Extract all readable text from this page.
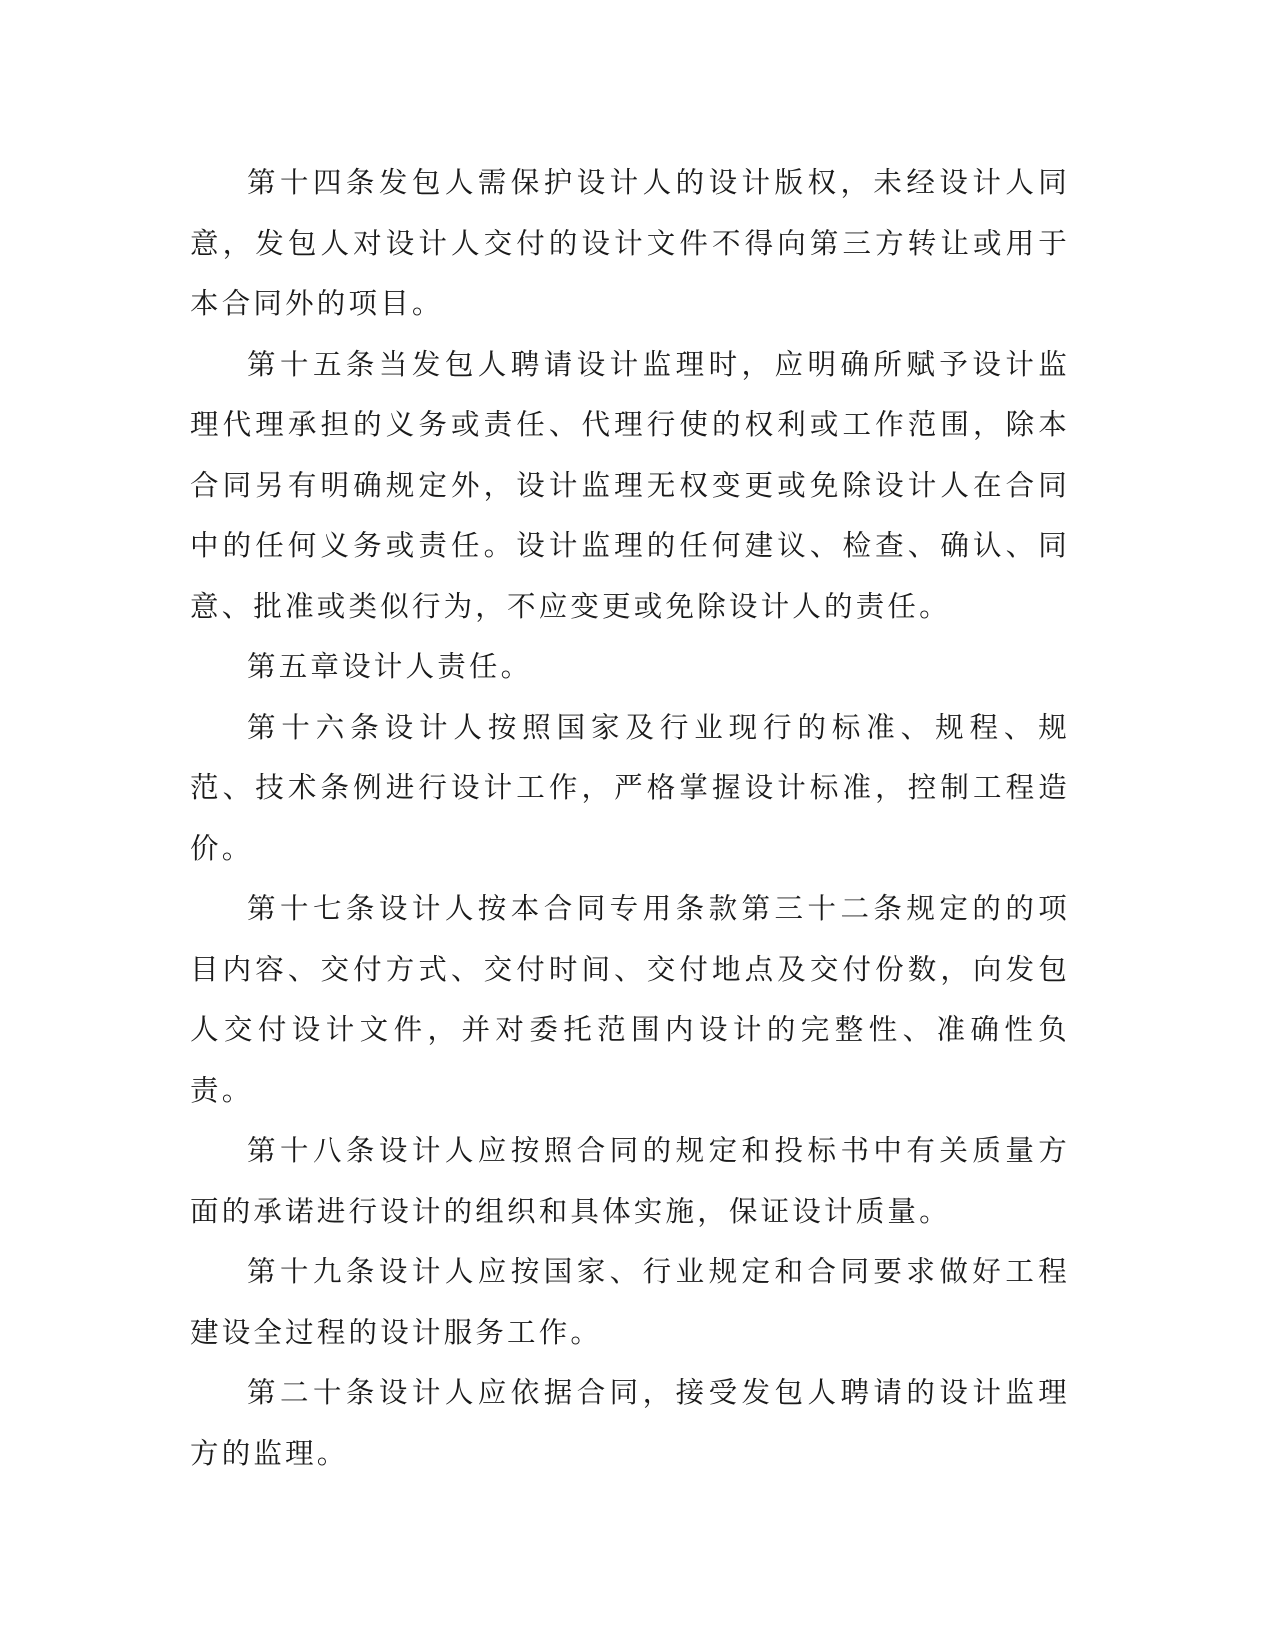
第十四条发包人需保护设计人的设计版权，未经设计人同意，发包人对设计人交付的设计文件不得向第三方转让或用于本合同外的项目。

第十五条当发包人聘请设计监理时，应明确所赋予设计监理代理承担的义务或责任、代理行使的权利或工作范围，除本合同另有明确规定外，设计监理无权变更或免除设计人在合同中的任何义务或责任。设计监理的任何建议、检查、确认、同意、批准或类似行为，不应变更或免除设计人的责任。

第五章设计人责任。

第十六条设计人按照国家及行业现行的标准、规程、规范、技术条例进行设计工作，严格掌握设计标准，控制工程造价。

第十七条设计人按本合同专用条款第三十二条规定的的项目内容、交付方式、交付时间、交付地点及交付份数，向发包人交付设计文件，并对委托范围内设计的完整性、准确性负责。

第十八条设计人应按照合同的规定和投标书中有关质量方面的承诺进行设计的组织和具体实施，保证设计质量。

第十九条设计人应按国家、行业规定和合同要求做好工程建设全过程的设计服务工作。

第二十条设计人应依据合同，接受发包人聘请的设计监理方的监理。
